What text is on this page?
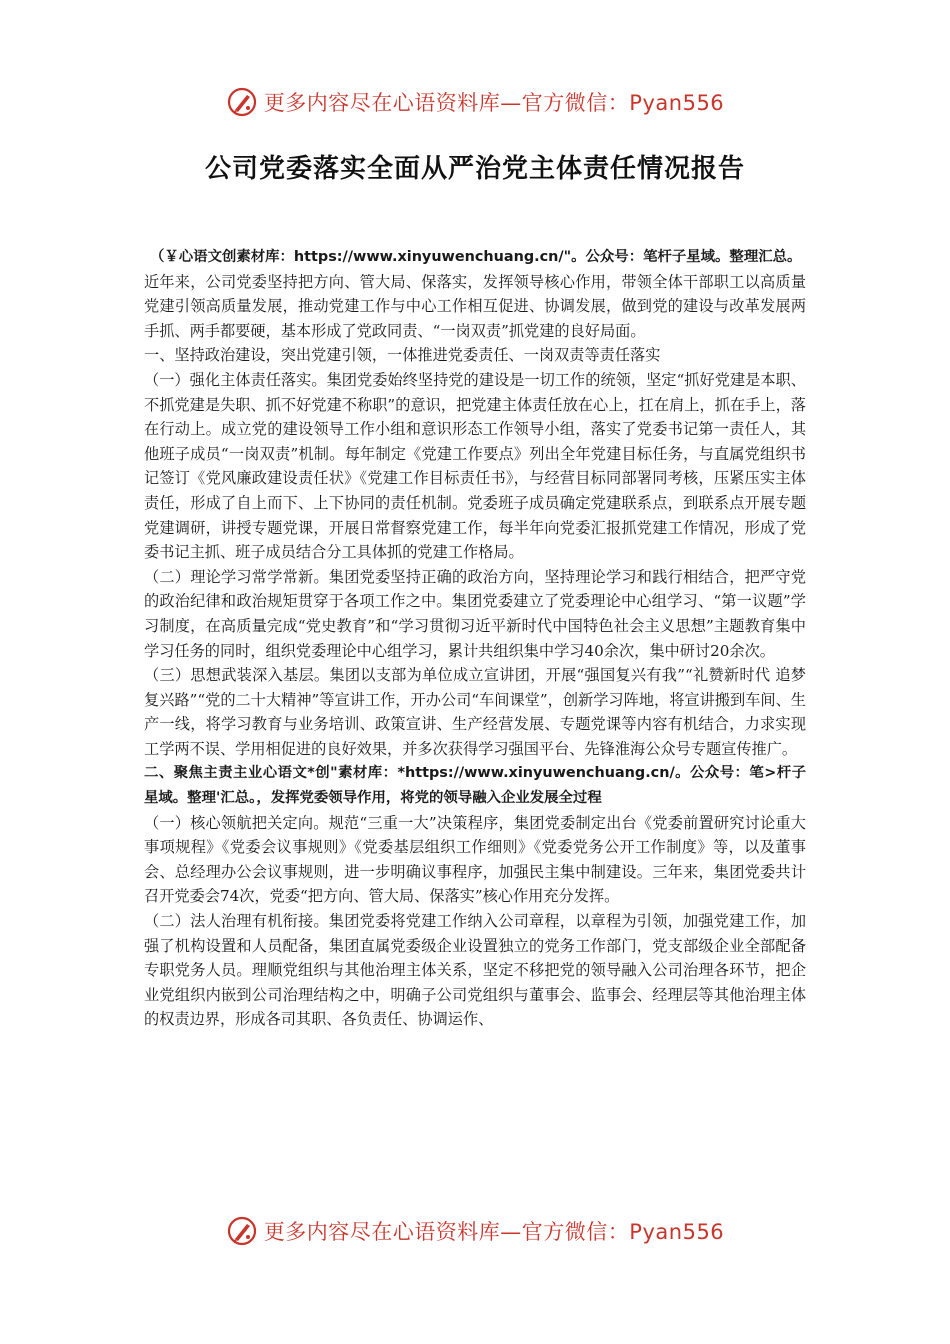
更多内容尽在心语资料库—官方微信：Pyan556
公司党委落实全面从严治党主体责任情况报告

（￥心语文创素材库：https://www.xinyuwenchuang.cn/"。公众号：笔杆子星域。整理汇总。

近年来，公司党委坚持把方向、管大局、保落实，发挥领导核心作用，带领全体干部职工以高质量党建引领高质量发展，推动党建工作与中心工作相互促进、协调发展，做到党的建设与改革发展两手抓、两手都要硬，基本形成了党政同责、“一岗双责”抓党建的良好局面。

一、坚持政治建设，突出党建引领，一体推进党委责任、一岗双责等责任落实

（一）强化主体责任落实。集团党委始终坚持党的建设是一切工作的统领，坚定“抓好党建是本职、不抓党建是失职、抓不好党建不称职”的意识，把党建主体责任放在心上，扛在肩上，抓在手上，落在行动上。成立党的建设领导工作小组和意识形态工作领导小组，落实了党委书记第一责任人，其他班子成员“一岗双责”机制。每年制定《党建工作要点》列出全年党建目标任务，与直属党组织书记签订《党风廉政建设责任状》《党建工作目标责任书》，与经营目标同部署同考核，压紧压实主体责任，形成了自上而下、上下协同的责任机制。党委班子成员确定党建联系点，到联系点开展专题党建调研，讲授专题党课，开展日常督察党建工作，每半年向党委汇报抓党建工作情况，形成了党委书记主抓、班子成员结合分工具体抓的党建工作格局。

（二）理论学习常学常新。集团党委坚持正确的政治方向，坚持理论学习和践行相结合，把严守党的政治纪律和政治规矩贯穿于各项工作之中。集团党委建立了党委理论中心组学习、“第一议题”学习制度，在高质量完成“党史教育”和“学习贯彻习近平新时代中国特色社会主义思想”主题教育集中学习任务的同时，组织党委理论中心组学习，累计共组织集中学习40余次，集中研讨20余次。

（三）思想武装深入基层。集团以支部为单位成立宣讲团，开展“强国复兴有我”“礼赞新时代 追梦复兴路”“党的二十大精神”等宣讲工作，开办公司“车间课堂”，创新学习阵地，将宣讲搬到车间、生产一线，将学习教育与业务培训、政策宣讲、生产经营发展、专题党课等内容有机结合，力求实现工学两不误、学用相促进的良好效果，并多次获得学习强国平台、先锋淮海公众号专题宣传推广。

二、聚焦主责主业心语文*创"素材库：*https://www.xinyuwenchuang.cn/。公众号：笔>杆子星域。整理'汇总。，发挥党委领导作用，将党的领导融入企业发展全过程

（一）核心领航把关定向。规范“三重一大”决策程序，集团党委制定出台《党委前置研究讨论重大事项规程》《党委会议事规则》《党委基层组织工作细则》《党委党务公开工作制度》等，以及董事会、总经理办公会议事规则，进一步明确议事程序，加强民主集中制建设。三年来，集团党委共计召开党委会74次，党委“把方向、管大局、保落实”核心作用充分发挥。

（二）法人治理有机衔接。集团党委将党建工作纳入公司章程，以章程为引领，加强党建工作，加强了机构设置和人员配备，集团直属党委级企业设置独立的党务工作部门，党支部级企业全部配备专职党务人员。理顺党组织与其他治理主体关系，坚定不移把党的领导融入公司治理各环节，把企业党组织内嵌到公司治理结构之中，明确子公司党组织与董事会、监事会、经理层等其他治理主体的权责边界，形成各司其职、各负责任、协调运作、

更多内容尽在心语资料库—官方微信：Pyan556
